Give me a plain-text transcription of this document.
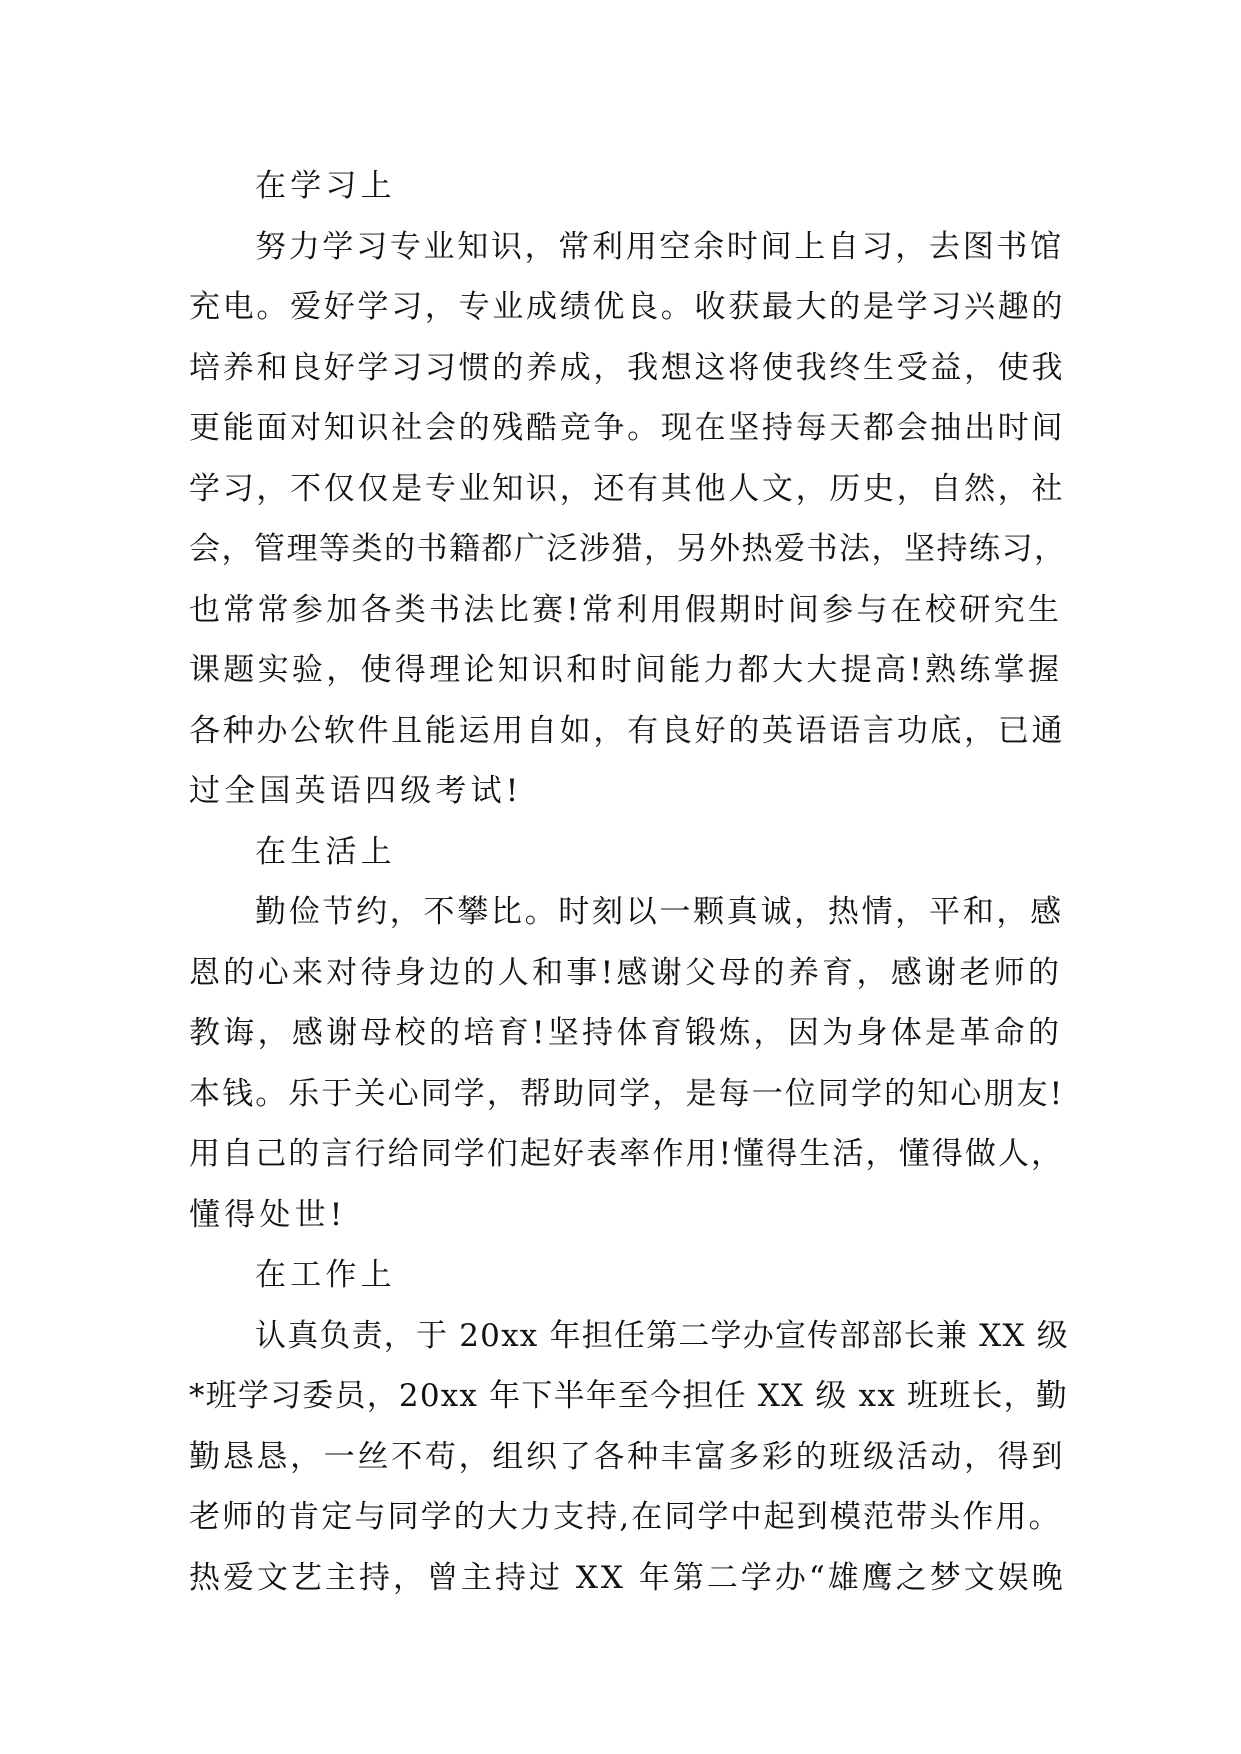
在学习上
努力学习专业知识，常利用空余时间上自习，去图书馆
充电。爱好学习，专业成绩优良。收获最大的是学习兴趣的
培养和良好学习习惯的养成，我想这将使我终生受益，使我
更能面对知识社会的残酷竞争。现在坚持每天都会抽出时间
学习，不仅仅是专业知识，还有其他人文，历史，自然，社
会，管理等类的书籍都广泛涉猎，另外热爱书法，坚持练习，
也常常参加各类书法比赛!常利用假期时间参与在校研究生
课题实验，使得理论知识和时间能力都大大提高!熟练掌握
各种办公软件且能运用自如，有良好的英语语言功底，已通
过全国英语四级考试!
在生活上
勤俭节约，不攀比。时刻以一颗真诚，热情，平和，感
恩的心来对待身边的人和事!感谢父母的养育，感谢老师的
教诲，感谢母校的培育!坚持体育锻炼，因为身体是革命的
本钱。乐于关心同学，帮助同学，是每一位同学的知心朋友!
用自己的言行给同学们起好表率作用!懂得生活，懂得做人，
懂得处世!
在工作上
认真负责，于 20xx 年担任第二学办宣传部部长兼 XX 级
*班学习委员，20xx 年下半年至今担任 XX 级 xx 班班长，勤
勤恳恳，一丝不苟，组织了各种丰富多彩的班级活动，得到
老师的肯定与同学的大力支持,在同学中起到模范带头作用。
热爱文艺主持，曾主持过 XX 年第二学办“雄鹰之梦文娱晚
